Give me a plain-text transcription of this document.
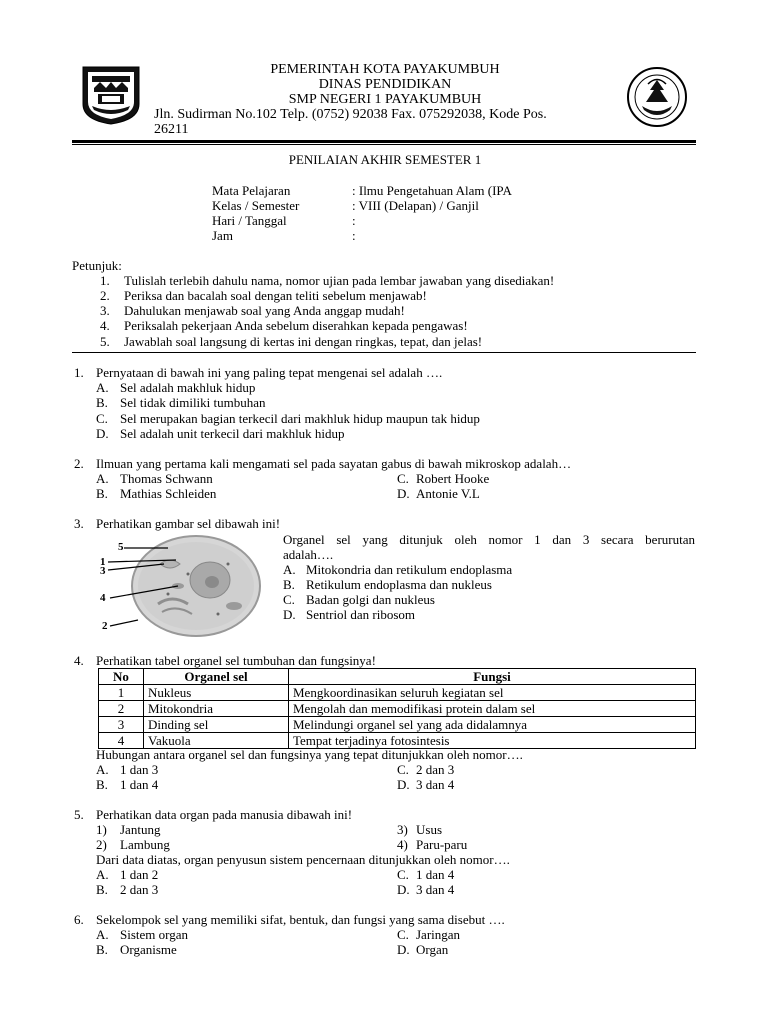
PEMERINTAH KOTA PAYAKUMBUH
DINAS PENDIDIKAN
SMP NEGERI 1 PAYAKUMBUH
Jln. Sudirman No.102 Telp. (0752) 92038 Fax. 075292038, Kode Pos.
26211
PENILAIAN AKHIR SEMESTER 1
Mata Pelajaran	: Ilmu Pengetahuan Alam (IPA
Kelas / Semester	: VIII (Delapan) / Ganjil
Hari / Tanggal	:
Jam	:
Petunjuk:
1. Tulislah terlebih dahulu nama, nomor ujian pada lembar jawaban yang disediakan!
2. Periksa dan bacalah soal dengan teliti sebelum menjawab!
3. Dahulukan menjawab soal yang Anda anggap mudah!
4. Periksalah pekerjaan Anda sebelum diserahkan kepada pengawas!
5. Jawablah soal langsung di kertas ini dengan ringkas, tepat, dan jelas!
1. Pernyataan di bawah ini yang paling tepat mengenai sel adalah ….
A. Sel adalah makhluk hidup
B. Sel tidak dimiliki tumbuhan
C. Sel merupakan bagian terkecil dari makhluk hidup maupun tak hidup
D. Sel adalah unit terkecil dari makhluk hidup
2. Ilmuan yang pertama kali mengamati sel pada sayatan gabus di bawah mikroskop adalah…
A. Thomas Schwann	C. Robert Hooke
B. Mathias Schleiden	D. Antonie V.L
3. Perhatikan gambar sel dibawah ini!
5
1
3
4
2
Organel sel yang ditunjuk oleh nomor 1 dan 3 secara berurutan
adalah….
A. Mitokondria dan retikulum endoplasma
B. Retikulum endoplasma dan nukleus
C. Badan golgi dan nukleus
D. Sentriol dan ribosom
4. Perhatikan tabel organel sel tumbuhan dan fungsinya!
No	Organel sel	Fungsi
1	Nukleus	Mengkoordinasikan seluruh kegiatan sel
2	Mitokondria	Mengolah dan memodifikasi protein dalam sel
3	Dinding sel	Melindungi organel sel yang ada didalamnya
4	Vakuola	Tempat terjadinya fotosintesis
Hubungan antara organel sel dan fungsinya yang tepat ditunjukkan oleh nomor….
A. 1 dan 3	C. 2 dan 3
B. 1 dan 4	D. 3 dan 4
5. Perhatikan data organ pada manusia dibawah ini!
1) Jantung	3) Usus
2) Lambung	4) Paru-paru
Dari data diatas, organ penyusun sistem pencernaan ditunjukkan oleh nomor….
A. 1 dan 2	C. 1 dan 4
B. 2 dan 3	D. 3 dan 4
6. Sekelompok sel yang memiliki sifat, bentuk, dan fungsi yang sama disebut ….
A. Sistem organ	C. Jaringan
B. Organisme	D. Organ
